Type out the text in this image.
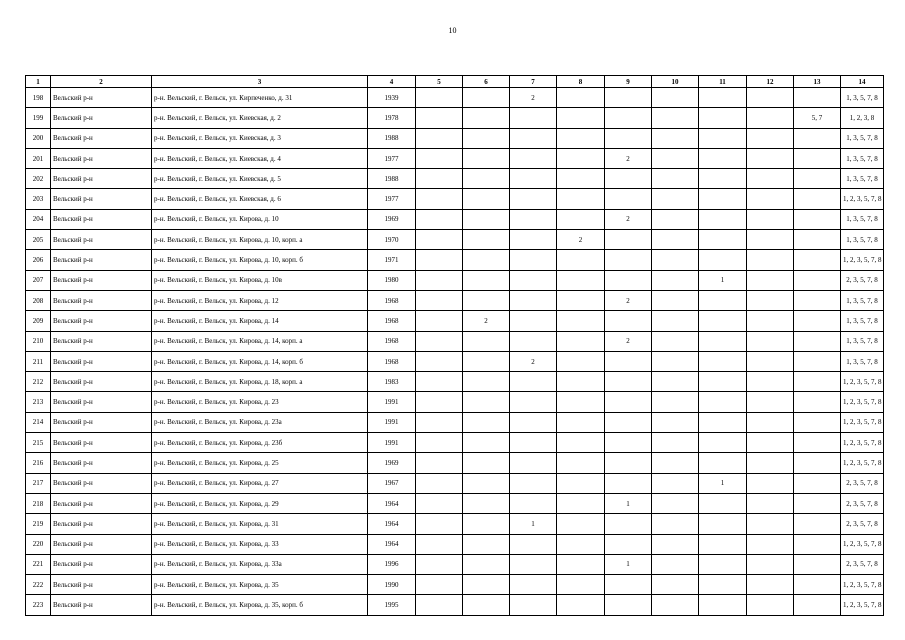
10
1	2	3	4	5	6	7	8	9	10	11	12	13	14
198	Вельский р-н	р-н. Вельский, г. Вельск, ул. Кирпеченко, д. 31	1939			2							1, 3, 5, 7, 8
199	Вельский р-н	р-н. Вельский, г. Вельск, ул. Киевская, д. 2	1978									5, 7	1, 2, 3, 8
200	Вельский р-н	р-н. Вельский, г. Вельск, ул. Киевская, д. 3	1988										1, 3, 5, 7, 8
201	Вельский р-н	р-н. Вельский, г. Вельск, ул. Киевская, д. 4	1977					2					1, 3, 5, 7, 8
202	Вельский р-н	р-н. Вельский, г. Вельск, ул. Киевская, д. 5	1988										1, 3, 5, 7, 8
203	Вельский р-н	р-н. Вельский, г. Вельск, ул. Киевская, д. 6	1977										1, 2, 3, 5, 7, 8
204	Вельский р-н	р-н. Вельский, г. Вельск, ул. Кирова, д. 10	1969					2					1, 3, 5, 7, 8
205	Вельский р-н	р-н. Вельский, г. Вельск, ул. Кирова, д. 10, корп. а	1970				2						1, 3, 5, 7, 8
206	Вельский р-н	р-н. Вельский, г. Вельск, ул. Кирова, д. 10, корп. б	1971										1, 2, 3, 5, 7, 8
207	Вельский р-н	р-н. Вельский, г. Вельск, ул. Кирова, д. 10в	1980							1			2, 3, 5, 7, 8
208	Вельский р-н	р-н. Вельский, г. Вельск, ул. Кирова, д. 12	1968					2					1, 3, 5, 7, 8
209	Вельский р-н	р-н. Вельский, г. Вельск, ул. Кирова, д. 14	1968		2								1, 3, 5, 7, 8
210	Вельский р-н	р-н. Вельский, г. Вельск, ул. Кирова, д. 14, корп. а	1968					2					1, 3, 5, 7, 8
211	Вельский р-н	р-н. Вельский, г. Вельск, ул. Кирова, д. 14, корп. б	1968			2							1, 3, 5, 7, 8
212	Вельский р-н	р-н. Вельский, г. Вельск, ул. Кирова, д. 18, корп. а	1983										1, 2, 3, 5, 7, 8
213	Вельский р-н	р-н. Вельский, г. Вельск, ул. Кирова, д. 23	1991										1, 2, 3, 5, 7, 8
214	Вельский р-н	р-н. Вельский, г. Вельск, ул. Кирова, д. 23а	1991										1, 2, 3, 5, 7, 8
215	Вельский р-н	р-н. Вельский, г. Вельск, ул. Кирова, д. 23б	1991										1, 2, 3, 5, 7, 8
216	Вельский р-н	р-н. Вельский, г. Вельск, ул. Кирова, д. 25	1969										1, 2, 3, 5, 7, 8
217	Вельский р-н	р-н. Вельский, г. Вельск, ул. Кирова, д. 27	1967							1			2, 3, 5, 7, 8
218	Вельский р-н	р-н. Вельский, г. Вельск, ул. Кирова, д. 29	1964					1					2, 3, 5, 7, 8
219	Вельский р-н	р-н. Вельский, г. Вельск, ул. Кирова, д. 31	1964			1							2, 3, 5, 7, 8
220	Вельский р-н	р-н. Вельский, г. Вельск, ул. Кирова, д. 33	1964										1, 2, 3, 5, 7, 8
221	Вельский р-н	р-н. Вельский, г. Вельск, ул. Кирова, д. 33а	1996					1					2, 3, 5, 7, 8
222	Вельский р-н	р-н. Вельский, г. Вельск, ул. Кирова, д. 35	1990										1, 2, 3, 5, 7, 8
223	Вельский р-н	р-н. Вельский, г. Вельск, ул. Кирова, д. 35, корп. б	1995										1, 2, 3, 5, 7, 8
